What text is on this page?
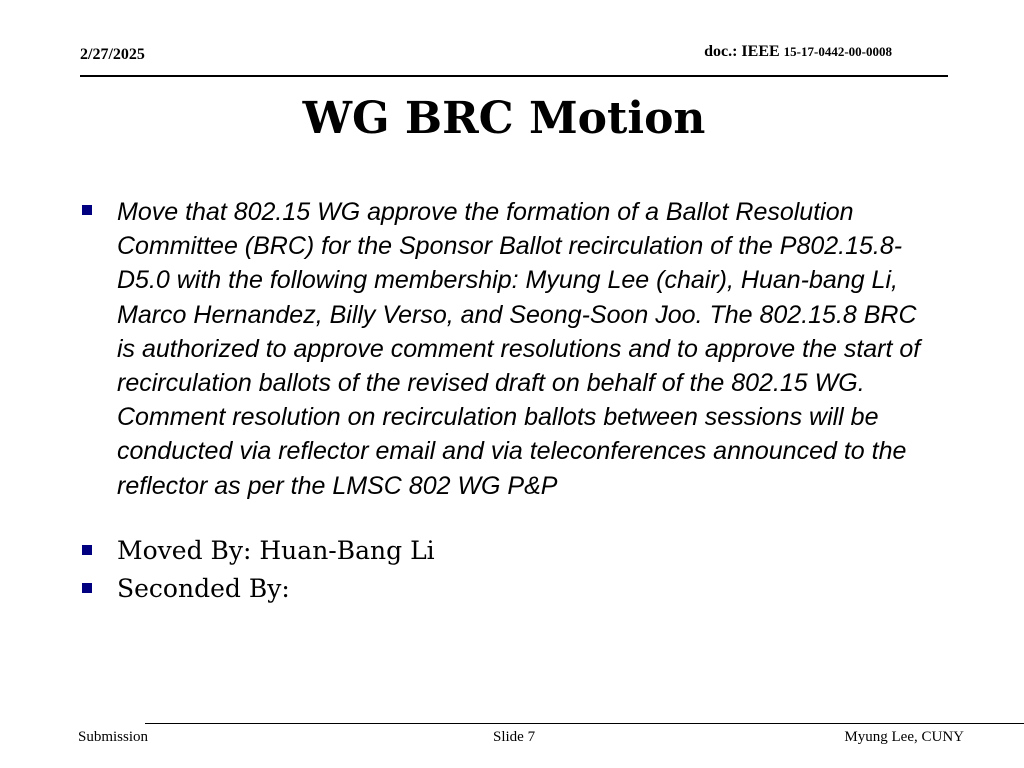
2/27/2025	doc.: IEEE 15-17-0442-00-0008
WG BRC Motion
Move that 802.15 WG approve the formation of a Ballot Resolution Committee (BRC) for the Sponsor Ballot recirculation of the P802.15.8-D5.0 with the following membership: Myung Lee (chair), Huan-bang Li, Marco Hernandez, Billy Verso, and Seong-Soon Joo. The 802.15.8 BRC is authorized to approve comment resolutions and to approve the start of recirculation ballots of the revised draft on behalf of the 802.15 WG. Comment resolution on recirculation ballots between sessions will be conducted via reflector email and via teleconferences announced to the reflector as per the LMSC 802 WG P&P
Moved By: Huan-Bang Li
Seconded By:
Submission	Slide 7	Myung Lee, CUNY
